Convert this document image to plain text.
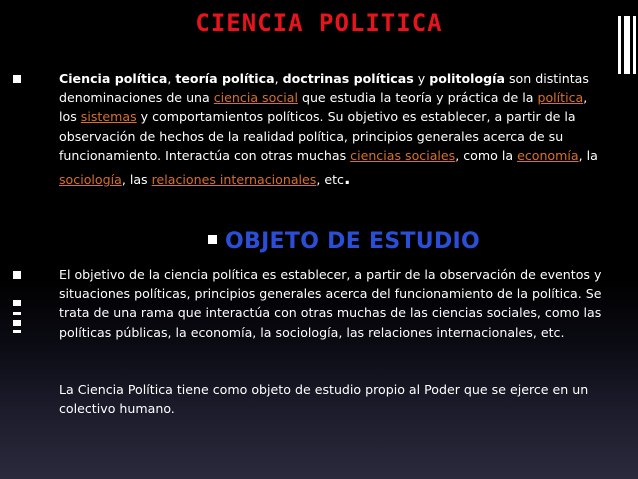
CIENCIA POLITICA
Ciencia política, teoría política, doctrinas políticas y politología son distintas denominaciones de una ciencia social que estudia la teoría y práctica de la política, los sistemas y comportamientos políticos. Su objetivo es establecer, a partir de la observación de hechos de la realidad política, principios generales acerca de su funcionamiento. Interactúa con otras muchas ciencias sociales, como la economía, la sociología, las relaciones internacionales, etc.
OBJETO DE ESTUDIO
El objetivo de la ciencia política es establecer, a partir de la observación de eventos y situaciones políticas, principios generales acerca del funcionamiento de la política. Se trata de una rama que interactúa con otras muchas de las ciencias sociales, como las políticas públicas, la economía, la sociología, las relaciones internacionales, etc.
La Ciencia Política tiene como objeto de estudio propio al Poder que se ejerce en un colectivo humano.
